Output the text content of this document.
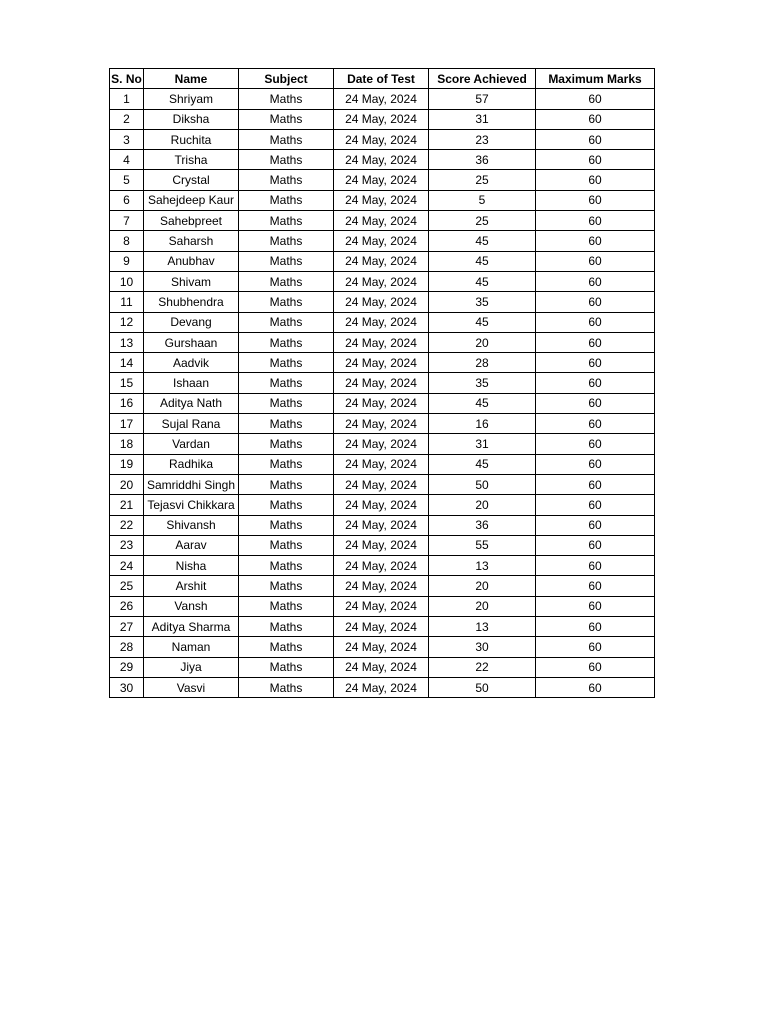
S. No	Name	Subject	Date of Test	Score Achieved	Maximum Marks
1	Shriyam	Maths	24 May, 2024	57	60
2	Diksha	Maths	24 May, 2024	31	60
3	Ruchita	Maths	24 May, 2024	23	60
4	Trisha	Maths	24 May, 2024	36	60
5	Crystal	Maths	24 May, 2024	25	60
6	Sahejdeep Kaur	Maths	24 May, 2024	5	60
7	Sahebpreet	Maths	24 May, 2024	25	60
8	Saharsh	Maths	24 May, 2024	45	60
9	Anubhav	Maths	24 May, 2024	45	60
10	Shivam	Maths	24 May, 2024	45	60
11	Shubhendra	Maths	24 May, 2024	35	60
12	Devang	Maths	24 May, 2024	45	60
13	Gurshaan	Maths	24 May, 2024	20	60
14	Aadvik	Maths	24 May, 2024	28	60
15	Ishaan	Maths	24 May, 2024	35	60
16	Aditya Nath	Maths	24 May, 2024	45	60
17	Sujal Rana	Maths	24 May, 2024	16	60
18	Vardan	Maths	24 May, 2024	31	60
19	Radhika	Maths	24 May, 2024	45	60
20	Samriddhi Singh	Maths	24 May, 2024	50	60
21	Tejasvi Chikkara	Maths	24 May, 2024	20	60
22	Shivansh	Maths	24 May, 2024	36	60
23	Aarav	Maths	24 May, 2024	55	60
24	Nisha	Maths	24 May, 2024	13	60
25	Arshit	Maths	24 May, 2024	20	60
26	Vansh	Maths	24 May, 2024	20	60
27	Aditya Sharma	Maths	24 May, 2024	13	60
28	Naman	Maths	24 May, 2024	30	60
29	Jiya	Maths	24 May, 2024	22	60
30	Vasvi	Maths	24 May, 2024	50	60
